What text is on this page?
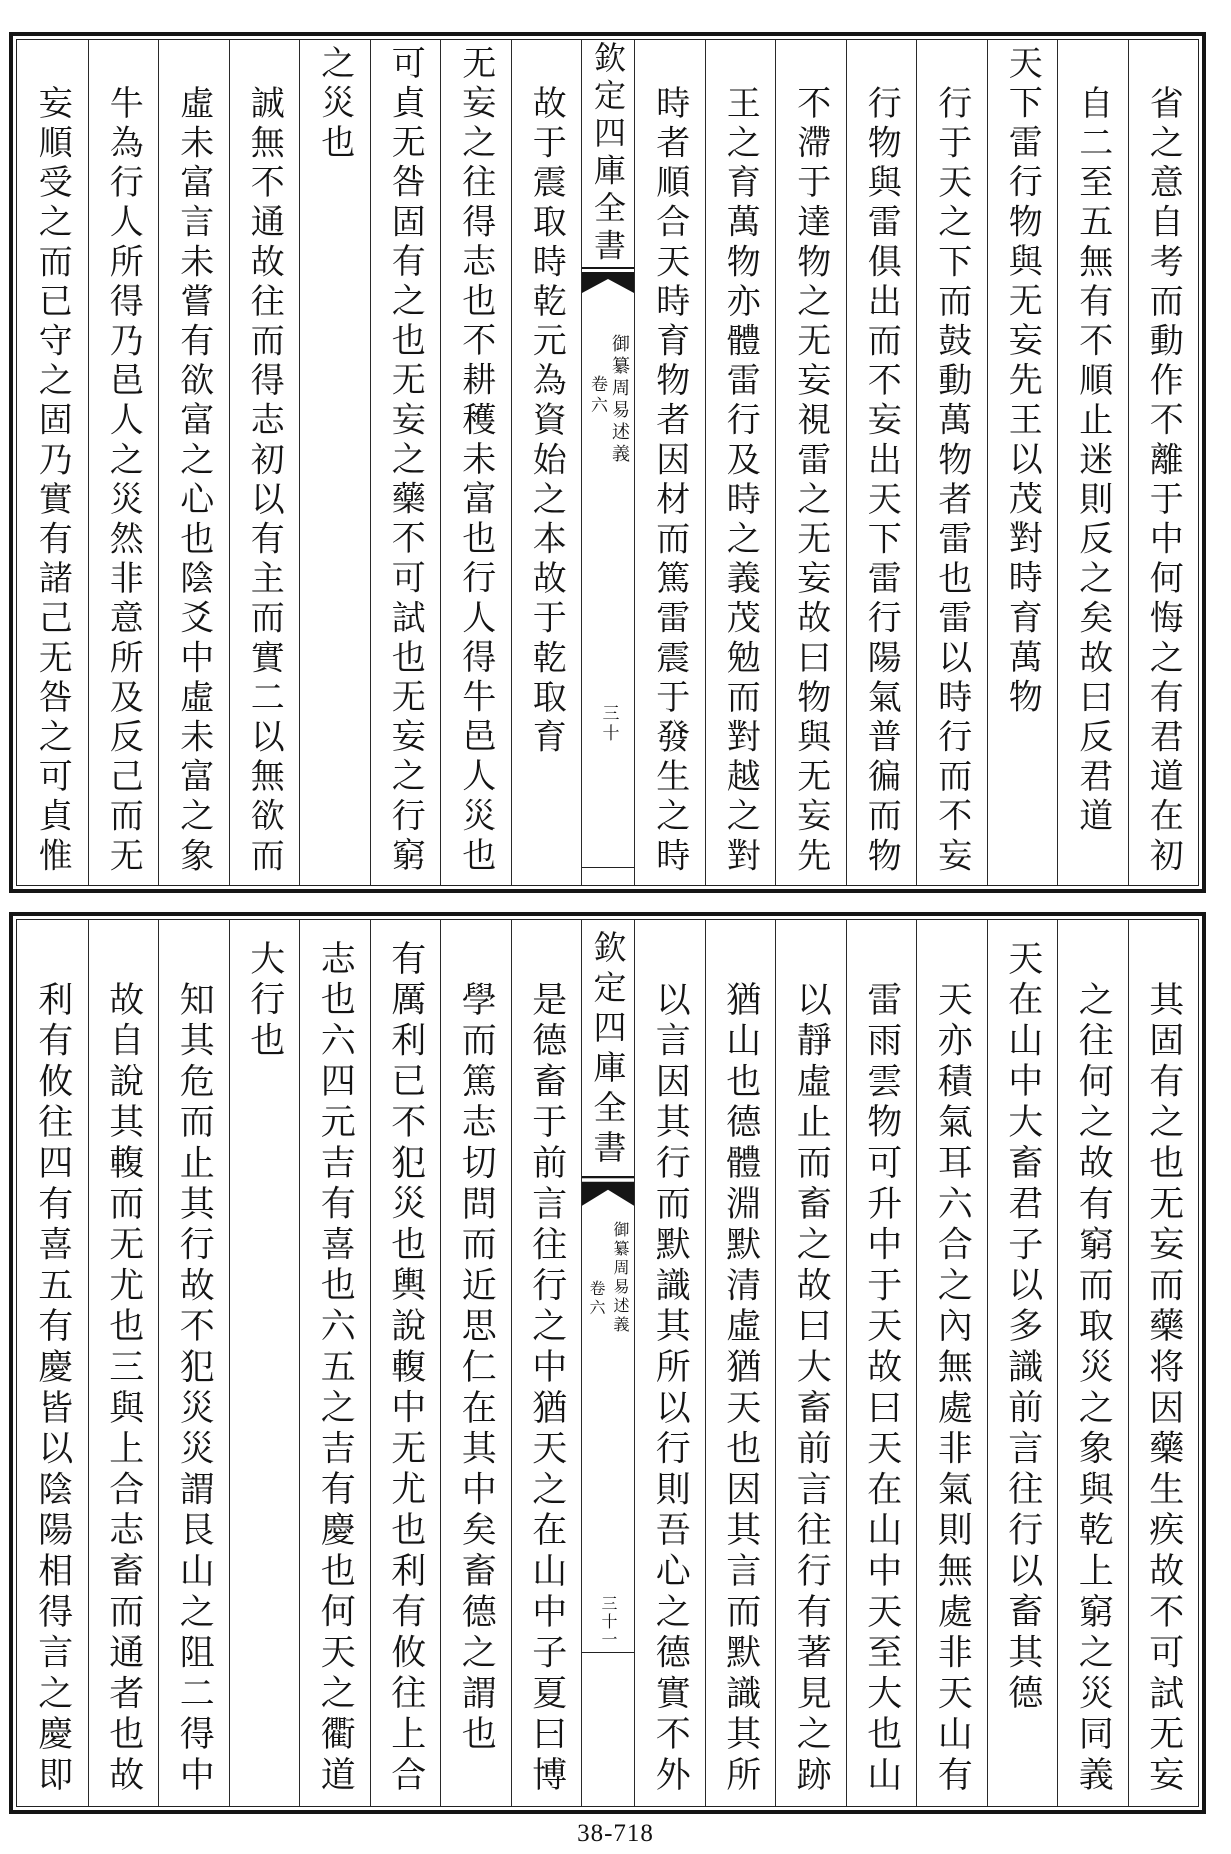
省之意自考而動作不離于中何悔之有君道在初
自二至五無有不順止迷則反之矣故曰反君道
天下雷行物與无妄先王以茂對時育萬物
行于天之下而鼓動萬物者雷也雷以時行而不妄
行物與雷俱出而不妄出天下雷行陽氣普徧而物
不滯于達物之无妄視雷之无妄故曰物與无妄先
王之育萬物亦體雷行及時之義茂勉而對越之對
時者順合天時育物者因材而篤雷震于發生之時
欽定四庫全書
御纂周易述義
卷六
三十
故于震取時乾元為資始之本故于乾取育
无妄之往得志也不耕穫未富也行人得牛邑人災也
可貞无咎固有之也无妄之藥不可試也无妄之行窮
之災也
誠無不通故往而得志初以有主而實二以無欲而
虛未富言未嘗有欲富之心也陰爻中虛未富之象
牛為行人所得乃邑人之災然非意所及反己而无
妄順受之而已守之固乃實有諸己无咎之可貞惟
其固有之也无妄而藥将因藥生疾故不可試无妄
之往何之故有窮而取災之象與乾上窮之災同義
天在山中大畜君子以多識前言往行以畜其德
天亦積氣耳六合之內無處非氣則無處非天山有
雷雨雲物可升中于天故曰天在山中天至大也山
以靜虛止而畜之故曰大畜前言往行有著見之跡
猶山也德體淵默清虛猶天也因其言而默識其所
以言因其行而默識其所以行則吾心之德實不外
欽定四庫全書
御纂周易述義
卷六
三十一
是德畜于前言往行之中猶天之在山中子夏曰博
學而篤志切問而近思仁在其中矣畜德之謂也
有厲利已不犯災也輿說輹中无尤也利有攸往上合
志也六四元吉有喜也六五之吉有慶也何天之衢道
大行也
知其危而止其行故不犯災災謂艮山之阻二得中
故自說其輹而无尤也三與上合志畜而通者也故
利有攸往四有喜五有慶皆以陰陽相得言之慶即
38-718
